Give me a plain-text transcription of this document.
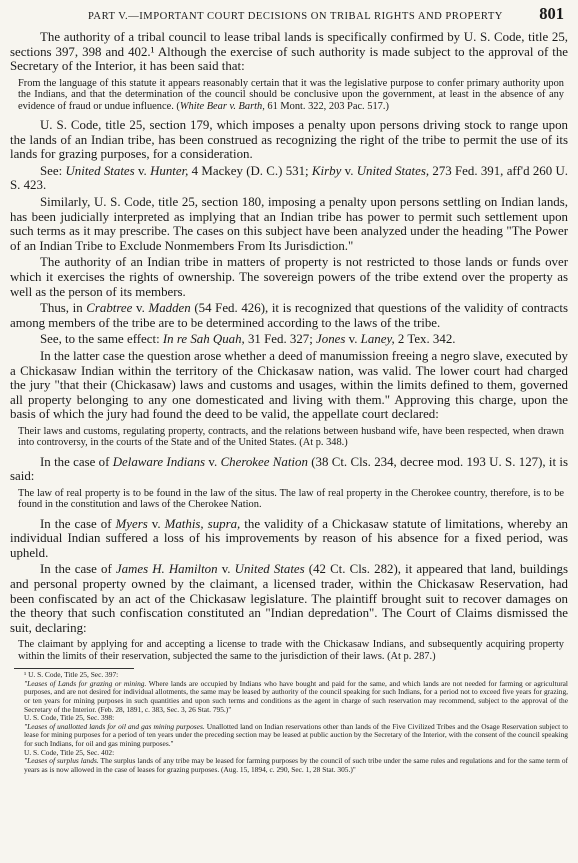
PART V.—IMPORTANT COURT DECISIONS ON TRIBAL RIGHTS AND PROPERTY 801

The authority of a tribal council to lease tribal lands is specifically confirmed by U. S. Code, title 25, sections 397, 398 and 402.¹ Although the exercise of such authority is made subject to the approval of the Secretary of the Interior, it has been said that:

From the language of this statute it appears reasonably certain that it was the legislative purpose to confer primary authority upon the Indians, and that the determination of the council should be conclusive upon the government, at least in the absence of any evidence of fraud or undue influence. (White Bear v. Barth, 61 Mont. 322, 203 Pac. 517.)

U. S. Code, title 25, section 179, which imposes a penalty upon persons driving stock to range upon the lands of an Indian tribe, has been construed as recognizing the right of the tribe to permit the use of its lands for grazing purposes, for a consideration.

See: United States v. Hunter, 4 Mackey (D. C.) 531; Kirby v. United States, 273 Fed. 391, aff'd 260 U. S. 423.

Similarly, U. S. Code, title 25, section 180, imposing a penalty upon persons settling on Indian lands, has been judicially interpreted as implying that an Indian tribe has power to permit such settlement upon such terms as it may prescribe. The cases on this subject have been analyzed under the heading "The Power of an Indian Tribe to Exclude Nonmembers From Its Jurisdiction."

The authority of an Indian tribe in matters of property is not restricted to those lands or funds over which it exercises the rights of ownership. The sovereign powers of the tribe extend over the property as well as the person of its members.

Thus, in Crabtree v. Madden (54 Fed. 426), it is recognized that questions of the validity of contracts among members of the tribe are to be determined according to the laws of the tribe.

See, to the same effect: In re Sah Quah, 31 Fed. 327; Jones v. Laney, 2 Tex. 342.

In the latter case the question arose whether a deed of manumission freeing a negro slave, executed by a Chickasaw Indian within the territory of the Chickasaw nation, was valid. The lower court had charged the jury "that their (Chickasaw) laws and customs and usages, within the limits defined to them, governed all property belonging to any one domesticated and living with them." Approving this charge, upon the basis of which the jury had found the deed to be valid, the appellate court declared:

Their laws and customs, regulating property, contracts, and the relations between husband wife, have been respected, when drawn into controversy, in the courts of the State and of the United States. (At p. 348.)

In the case of Delaware Indians v. Cherokee Nation (38 Ct. Cls. 234, decree mod. 193 U. S. 127), it is said:

The law of real property is to be found in the law of the situs. The law of real property in the Cherokee country, therefore, is to be found in the constitution and laws of the Cherokee Nation.

In the case of Myers v. Mathis, supra, the validity of a Chickasaw statute of limitations, whereby an individual Indian suffered a loss of his improvements by reason of his absence for a fixed period, was upheld.

In the case of James H. Hamilton v. United States (42 Ct. Cls. 282), it appeared that land, buildings and personal property owned by the claimant, a licensed trader, within the Chickasaw Reservation, had been confiscated by an act of the Chickasaw legislature. The plaintiff brought suit to recover damages on the theory that such confiscation constituted an "Indian depredation". The Court of Claims dismissed the suit, declaring:

The claimant by applying for and accepting a license to trade with the Chickasaw Indians, and subsequently acquiring property within the limits of their reservation, subjected the same to the jurisdiction of their laws. (At p. 287.)

¹ U. S. Code, Title 25, Sec. 397:

"Leases of Lands for grazing or mining. Where lands are occupied by Indians who have bought and paid for the same, and which lands are not needed for farming or agricultural purposes, and are not desired for individual allotments, the same may be leased by authority of the council speaking for such Indians, for a period not to exceed five years for grazing, or ten years for mining purposes in such quantities and upon such terms and conditions as the agent in charge of such reservation may recommend, subject to the approval of the Secretary of the Interior. (Feb. 28, 1891, c. 383, Sec. 3, 26 Stat. 795.)"

U. S. Code, Title 25, Sec. 398:

"Leases of unallotted lands for oil and gas mining purposes. Unallotted land on Indian reservations other than lands of the Five Civilized Tribes and the Osage Reservation subject to lease for mining purposes for a period of ten years under the preceding section may be leased at public auction by the Secretary of the Interior, with the consent of the council speaking for such Indians, for oil and gas mining purposes."

U. S. Code, Title 25, Sec. 402:

"Leases of surplus lands. The surplus lands of any tribe may be leased for farming purposes by the council of such tribe under the same rules and regulations and for the same term of years as is now allowed in the case of leases for grazing purposes. (Aug. 15, 1894, c. 290, Sec. 1, 28 Stat. 305.)"
